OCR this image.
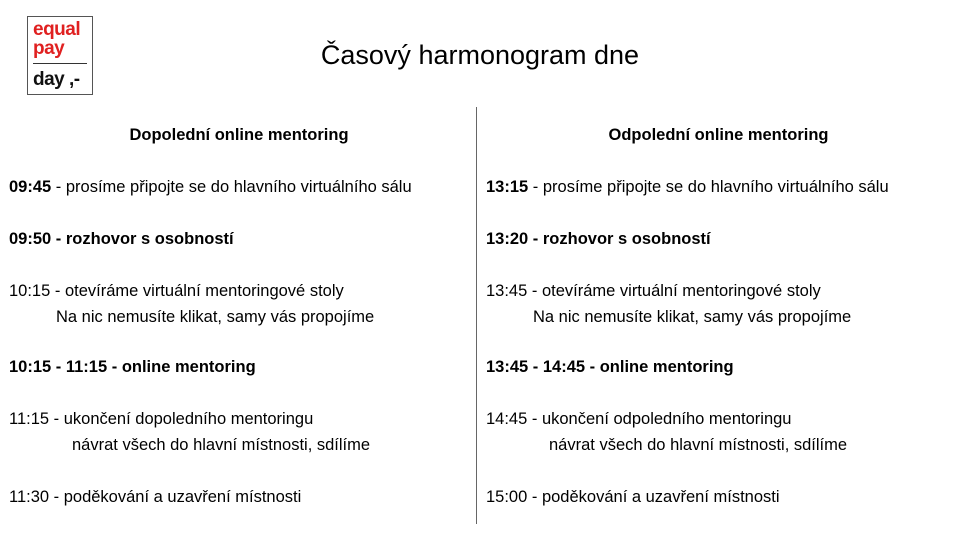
equal
pay
day ,-
Časový harmonogram dne
Dopolední online mentoring
09:45 - prosíme připojte se do hlavního virtuálního sálu
09:50 - rozhovor s osobností
10:15 - otevíráme virtuální mentoringové stoly
Na nic nemusíte klikat, samy vás propojíme
10:15 - 11:15 - online mentoring
11:15 - ukončení dopoledního mentoringu
návrat všech do hlavní místnosti, sdílíme
11:30 - poděkování a uzavření místnosti
Odpolední online mentoring
13:15 - prosíme připojte se do hlavního virtuálního sálu
13:20 - rozhovor s osobností
13:45 - otevíráme virtuální mentoringové stoly
Na nic nemusíte klikat, samy vás propojíme
13:45 - 14:45 - online mentoring
14:45 - ukončení odpoledního mentoringu
návrat všech do hlavní místnosti, sdílíme
15:00 - poděkování a uzavření místnosti
